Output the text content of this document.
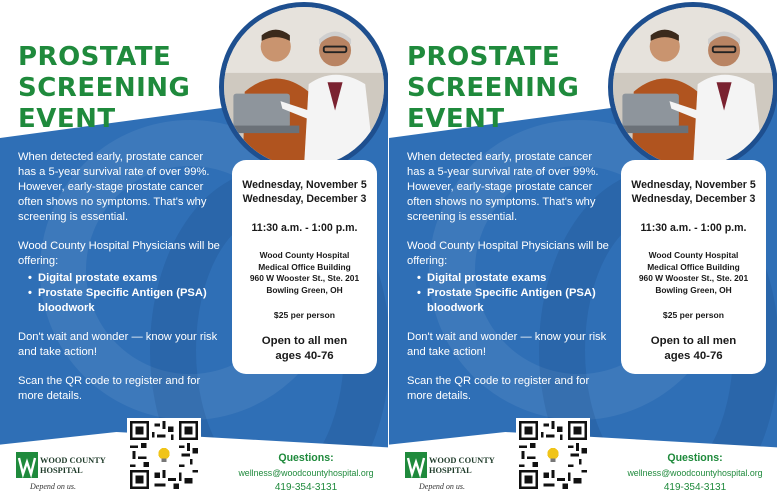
PROSTATE SCREENING EVENT

When detected early, prostate cancer has a 5-year survival rate of over 99%. However, early-stage prostate cancer often shows no symptoms. That's why screening is essential.

Wood County Hospital Physicians will be offering:

• Digital prostate exams
• Prostate Specific Antigen (PSA) bloodwork

Don't wait and wonder — know your risk and take action!

Scan the QR code to register and for more details.

Wednesday, November 5
Wednesday, December 3
11:30 a.m. - 1:00 p.m.
Wood County Hospital
Medical Office Building
960 W Wooster St., Ste. 201
Bowling Green, OH
$25 per person
Open to all men
ages 40-76
WOOD COUNTY
HOSPITAL
Depend on us.
Questions:
wellness@woodcountyhospital.org
419-354-3131
PROSTATE SCREENING EVENT

When detected early, prostate cancer has a 5-year survival rate of over 99%. However, early-stage prostate cancer often shows no symptoms. That's why screening is essential.

Wood County Hospital Physicians will be offering:

• Digital prostate exams
• Prostate Specific Antigen (PSA) bloodwork

Don't wait and wonder — know your risk and take action!

Scan the QR code to register and for more details.

Wednesday, November 5
Wednesday, December 3
11:30 a.m. - 1:00 p.m.
Wood County Hospital
Medical Office Building
960 W Wooster St., Ste. 201
Bowling Green, OH
$25 per person
Open to all men
ages 40-76
WOOD COUNTY
HOSPITAL
Depend on us.
Questions:
wellness@woodcountyhospital.org
419-354-3131
